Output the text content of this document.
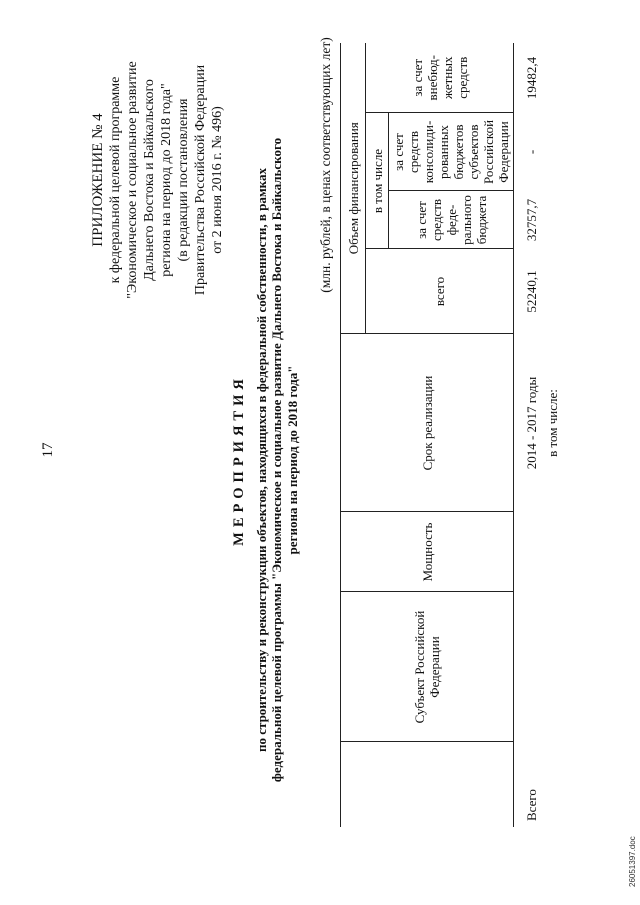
17
ПРИЛОЖЕНИЕ № 4 к федеральной целевой программе "Экономическое и социальное развитие Дальнего Востока и Байкальского региона на период до 2018 года" (в редакции постановления Правительства Российской Федерации от 2 июня 2016 г. № 496)
МЕРОПРИЯТИЯ по строительству и реконструкции объектов, находящихся в федеральной собственности, в рамках федеральной целевой программы "Экономическое и социальное развитие Дальнего Востока и Байкальского региона на период до 2018 года"
(млн. рублей, в ценах соответствующих лет)
	Субъект Российской Федерации	Мощность	Срок реализации	Объем финансирования			
				всего	в том числе		за счет внебюд-жетных средств
					за счет средств феде-рального бюджета	за счет средств консолиди-рованных бюджетов субъектов Российской Федерации	
Всего			2014 - 2017 годы	52240,1	32757,7	-	19482,4
			в том числе:				
26051397.doc
